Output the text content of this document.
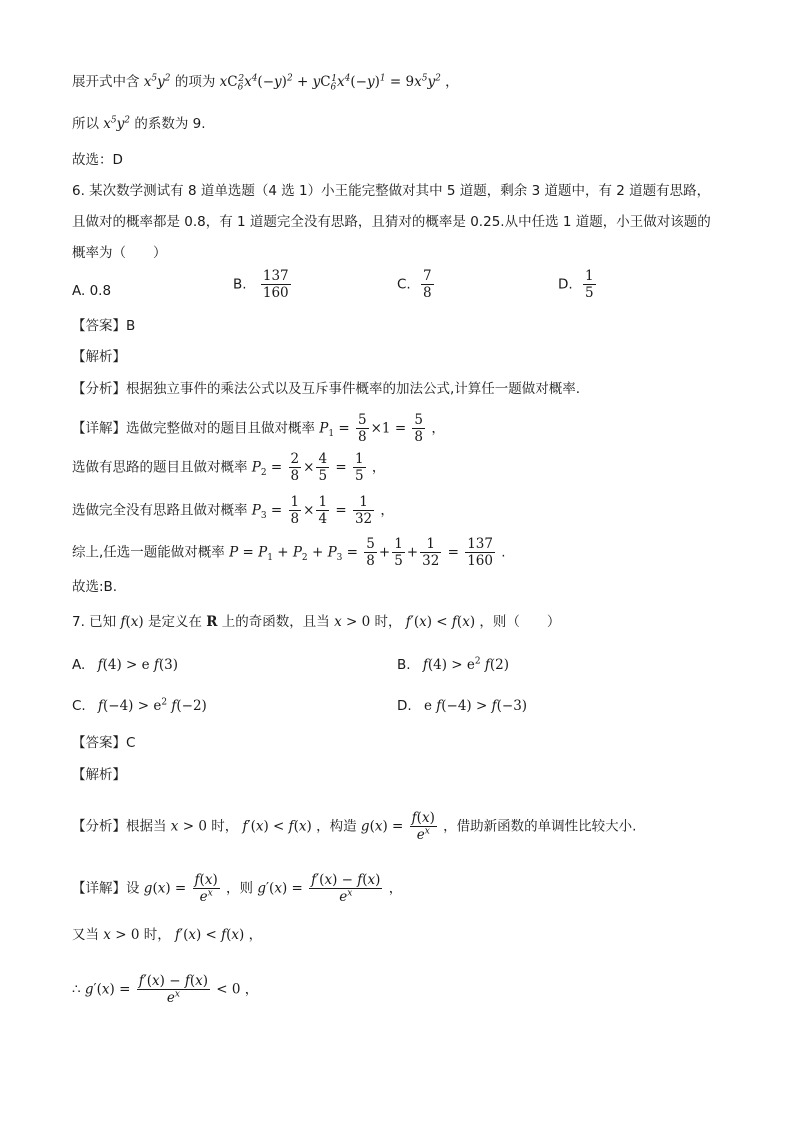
展开式中含 $x^5y^2$ 的项为 $xC_6^2x^4(-y)^2 + yC_6^1x^4(-y)^1 = 9x^5y^2$ ，
所以 $x^5y^2$ 的系数为 9.
故选：D
6. 某次数学测试有 8 道单选题（4 选 1）小王能完整做对其中 5 道题，剩余 3 道题中，有 2 道题有思路，
且做对的概率都是 0.8，有 1 道题完全没有思路，且猜对的概率是 0.25.从中任选 1 道题，小王做对该题的
概率为（　　）
A. 0.8	B. $\frac{137}{160}$	C. $\frac{7}{8}$	D. $\frac{1}{5}$
【答案】B
【解析】
【分析】根据独立事件的乘法公式以及互斥事件概率的加法公式,计算任一题做对概率.
【详解】选做完整做对的题目且做对概率 $P_1 = \frac{5}{8} \times 1 = \frac{5}{8}$ ，
选做有思路的题目且做对概率 $P_2 = \frac{2}{8} \times \frac{4}{5} = \frac{1}{5}$ ，
选做完全没有思路且做对概率 $P_3 = \frac{1}{8} \times \frac{1}{4} = \frac{1}{32}$ ，
综上,任选一题能做对概率 $P = P_1 + P_2 + P_3 = \frac{5}{8} + \frac{1}{5} + \frac{1}{32} = \frac{137}{160}$ .
故选:B.
7. 已知 f(x) 是定义在 R 上的奇函数，且当 x > 0 时， f′(x) < f(x) ，则（　　）
A. f(4) > e f(3)	B. $f(4) > e^2$ f(2)
C. $f(-4) > e^2$ f(−2)	D. e f(−4) > f(−3)
【答案】C
【解析】
【分析】根据当 x > 0 时， f′(x) < f(x) ，构造 $g(x) = \frac{f(x)}{e^x}$ ，借助新函数的单调性比较大小.
【详解】设 $g(x) = \frac{f(x)}{e^x}$ ，则 $g'(x) = \frac{f'(x) - f(x)}{e^x}$ ，
又当 x > 0 时， f′(x) < f(x) ，
∴ $g'(x) = \frac{f'(x) - f(x)}{e^x} < 0$ ，
